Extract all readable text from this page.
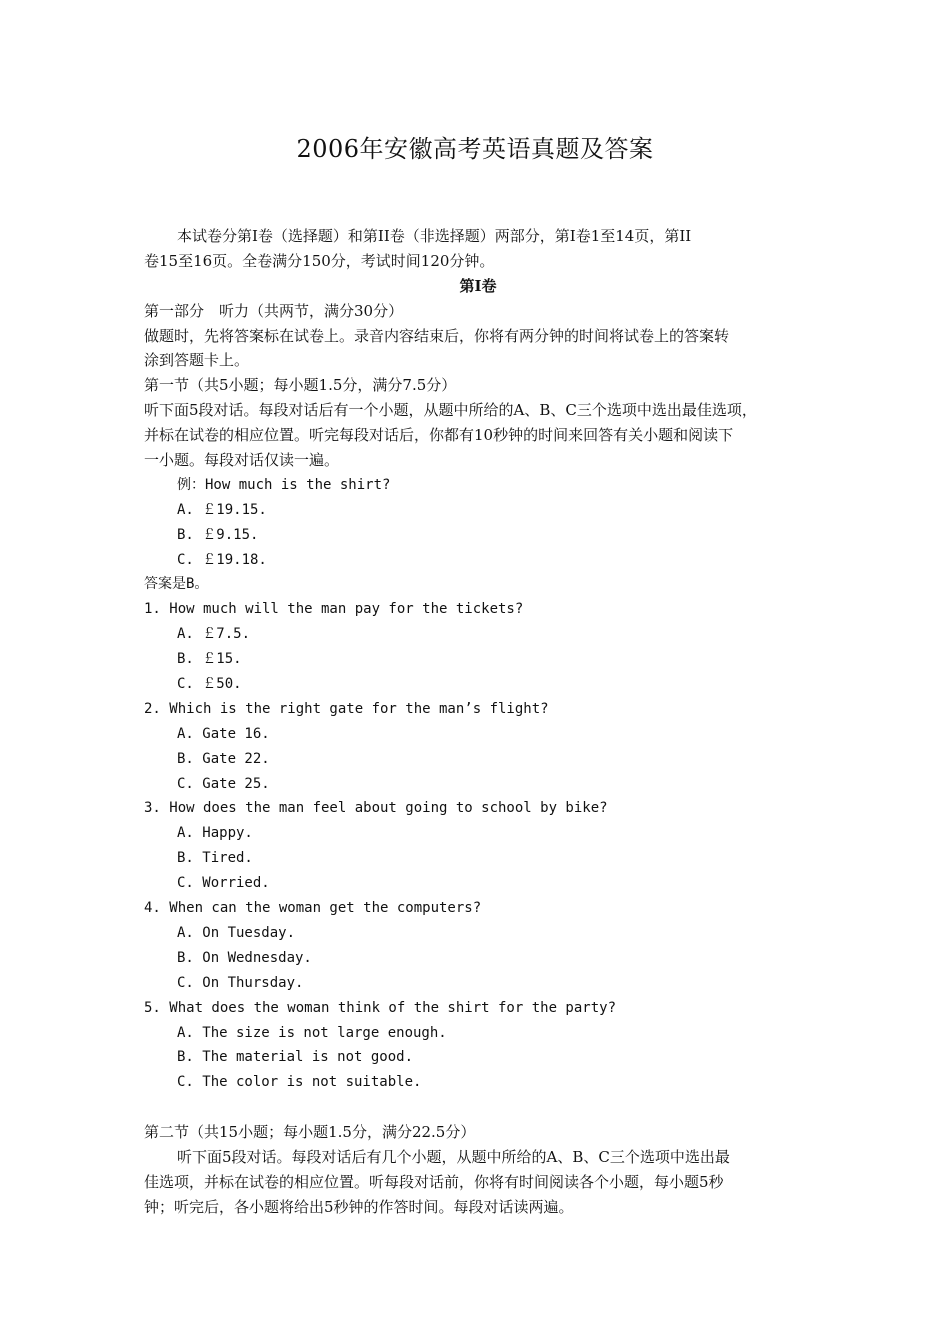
2006年安徽高考英语真题及答案
本试卷分第I卷（选择题）和第II卷（非选择题）两部分，第I卷1至14页，第II
卷15至16页。全卷满分150分，考试时间120分钟。
第I卷
第一部分　听力（共两节，满分30分）
做题时，先将答案标在试卷上。录音内容结束后，你将有两分钟的时间将试卷上的答案转
涂到答题卡上。
第一节（共5小题；每小题1.5分，满分7.5分）
听下面5段对话。每段对话后有一个小题，从题中所给的A、B、C三个选项中选出最佳选项，
并标在试卷的相应位置。听完每段对话后，你都有10秒钟的时间来回答有关小题和阅读下
一小题。每段对话仅读一遍。
例：How much is the shirt?
A. ￡19.15.
B. ￡9.15.
C. ￡19.18.
答案是B。
1. How much will the man pay for the tickets?
A. ￡7.5.
B. ￡15.
C. ￡50.
2. Which is the right gate for the man’s flight?
A. Gate 16.
B. Gate 22.
C. Gate 25.
3. How does the man feel about going to school by bike?
A. Happy.
B. Tired.
C. Worried.
4. When can the woman get the computers?
A. On Tuesday.
B. On Wednesday.
C. On Thursday.
5. What does the woman think of the shirt for the party?
A. The size is not large enough.
B. The material is not good.
C. The color is not suitable.
第二节（共15小题；每小题1.5分，满分22.5分）
听下面5段对话。每段对话后有几个小题，从题中所给的A、B、C三个选项中选出最
佳选项，并标在试卷的相应位置。听每段对话前，你将有时间阅读各个小题，每小题5秒
钟；听完后，各小题将给出5秒钟的作答时间。每段对话读两遍。
